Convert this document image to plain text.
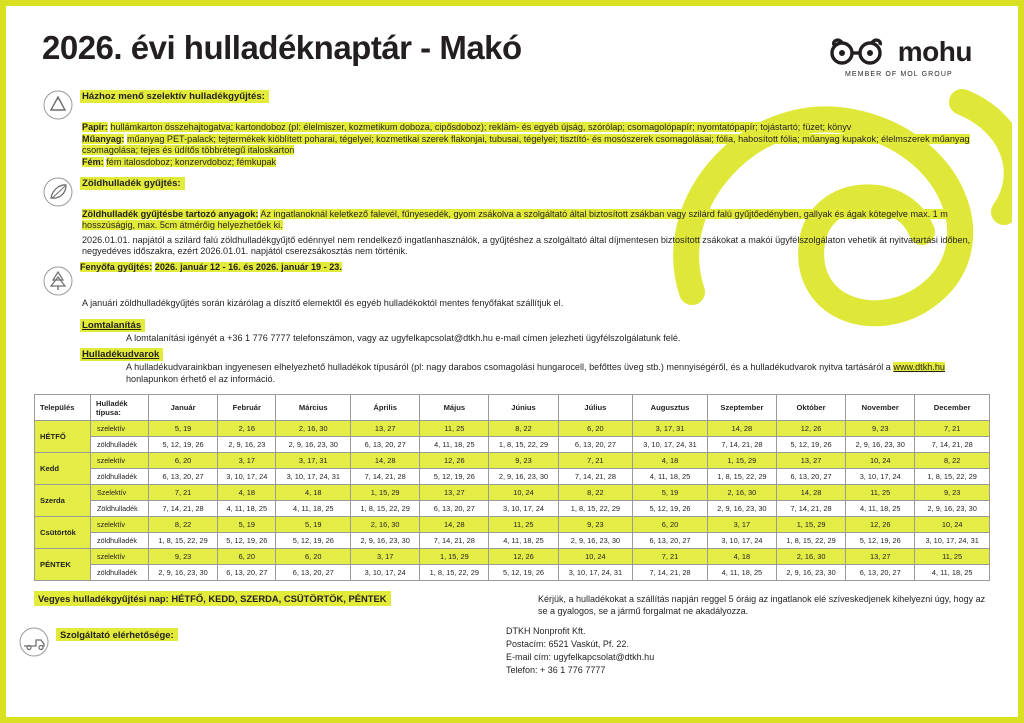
2026. évi hulladéknaptár - Makó	mohu
MEMBER OF MOL GROUP
Házhoz menő szelektív hulladékgyűjtés:
Papír: hullámkarton összehajtogatva; kartondoboz (pl: élelmiszer, kozmetikum doboza, cipősdoboz); reklám- és egyéb újság, szórólap; csomagolópapír; nyomtatópapír; tojástartó; füzet; könyv
Műanyag: műanyag PET-palack; tejtermékek kiöblített poharai, tégelyei; kozmetikai szerek flakonjai, tubusai, tégelyei; tisztító- és mosószerek csomagolásai; fólia, habosított fólia; műanyag kupakok; élelmszerek műanyag csomagolása; tejes és üdítős többrétegű italoskarton
Fém: fém italosdoboz; konzervdoboz; fémkupak
Zöldhulladék gyűjtés:
Zöldhulladék gyűjtésbe tartozó anyagok: Az ingatlanoknál keletkező falevél, fűnyesedék, gyom zsákolva a szolgáltató által biztosított zsákban vagy szilárd falú gyűjtőedényben, gallyak és ágak kötegelve max. 1 m hosszúságig, max. 5cm átmérőig helyezhetőek ki.
2026.01.01. napjától a szilárd falú zöldhulladékgyűjtő edénnyel nem rendelkező ingatlanhasználók, a gyűjtéshez a szolgáltató által díjmentesen biztosított zsákokat a makói ügyfélszolgálaton vehetik át nyitvatartási időben, negyedéves időszakra, ezért 2026.01.01. napjától cserezsákosztás nem történik.
Fenyőfa gyűjtés: 2026. január 12 - 16. és 2026. január 19 - 23.
A januári zöldhulladékgyűjtés során kizárólag a díszítő elemektől és egyéb hulladékoktól mentes fenyőfákat szállítjuk el.
Lomtalanítás
A lomtalanítási igényét a +36 1 776 7777 telefonszámon, vagy az ugyfelkapcsolat@dtkh.hu e-mail címen jelezheti ügyfélszolgálatunk felé.
Hulladékudvarok
A hulladékudvarainkban ingyenesen elhelyezhető hulladékok típusáról (pl: nagy darabos csomagolási hungarocell, befőttes üveg stb.) mennyiségéről, és a hulladékudvarok nyitva tartásáról a www.dtkh.hu honlapunkon érhető el az információ.
Település	Hulladék
típusa:	Január	Február	Március	Április	Május	Június	Július	Augusztus	Szeptember	Október	November	December
HÉTFŐ	szelektív	5, 19	2, 16	2, 16, 30	13, 27	11, 25	8, 22	6, 20	3, 17, 31	14, 28	12, 26	9, 23	7, 21
	zöldhulladék	5, 12, 19, 26	2, 9, 16, 23	2, 9, 16, 23, 30	6, 13, 20, 27	4, 11, 18, 25	1, 8, 15, 22, 29	6, 13, 20, 27	3, 10, 17, 24, 31	7, 14, 21, 28	5, 12, 19, 26	2, 9, 16, 23, 30	7, 14, 21, 28
Kedd	szelektív	6, 20	3, 17	3, 17, 31	14, 28	12, 26	9, 23	7, 21	4, 18	1, 15, 29	13, 27	10, 24	8, 22
	zöldhulladék	6, 13, 20, 27	3, 10, 17, 24	3, 10, 17, 24, 31	7, 14, 21, 28	5, 12, 19, 26	2, 9, 16, 23, 30	7, 14, 21, 28	4, 11, 18, 25	1, 8, 15, 22, 29	6, 13, 20, 27	3, 10, 17, 24	1, 8, 15, 22, 29
Szerda	Szelektív	7, 21	4, 18	4, 18	1, 15, 29	13, 27	10, 24	8, 22	5, 19	2, 16, 30	14, 28	11, 25	9, 23
	Zöldhulladék	7, 14, 21, 28	4, 11, 18, 25	4, 11, 18, 25	1, 8, 15, 22, 29	6, 13, 20, 27	3, 10, 17, 24	1, 8, 15, 22, 29	5, 12, 19, 26	2, 9, 16, 23, 30	7, 14, 21, 28	4, 11, 18, 25	2, 9, 16, 23, 30
Csütörtök	szelektív	8, 22	5, 19	5, 19	2, 16, 30	14, 28	11, 25	9, 23	6, 20	3, 17	1, 15, 29	12, 26	10, 24
	zöldhulladék	1, 8, 15, 22, 29	5, 12, 19, 26	5, 12, 19, 26	2, 9, 16, 23, 30	7, 14, 21, 28	4, 11, 18, 25	2, 9, 16, 23, 30	6, 13, 20, 27	3, 10, 17, 24	1, 8, 15, 22, 29	5, 12, 19, 26	3, 10, 17, 24, 31
PÉNTEK	szelektív	9, 23	6, 20	6, 20	3, 17	1, 15, 29	12, 26	10, 24	7, 21	4, 18	2, 16, 30	13, 27	11, 25
	zöldhulladék	2, 9, 16, 23, 30	6, 13, 20, 27	6, 13, 20, 27	3, 10, 17, 24	1, 8, 15, 22, 29	5, 12, 19, 26	3, 10, 17, 24, 31	7, 14, 21, 28	4, 11, 18, 25	2, 9, 16, 23, 30	6, 13, 20, 27	4, 11, 18, 25
Vegyes hulladékgyűjtési nap: HÉTFŐ, KEDD, SZERDA, CSÜTÖRTÖK, PÉNTEK	Kérjük, a hulladékokat a szállítás napján reggel 5 óráig az ingatlanok elé szíveskedjenek kihelyezni úgy, hogy az se a gyalogos, se a jármű forgalmat ne akadályozza.
Szolgáltató elérhetősége:	DTKH Nonprofit Kft.
Postacím: 6521 Vaskút, Pf. 22.
E-mail cím: ugyfelkapcsolat@dtkh.hu
Telefon: + 36 1 776 7777
